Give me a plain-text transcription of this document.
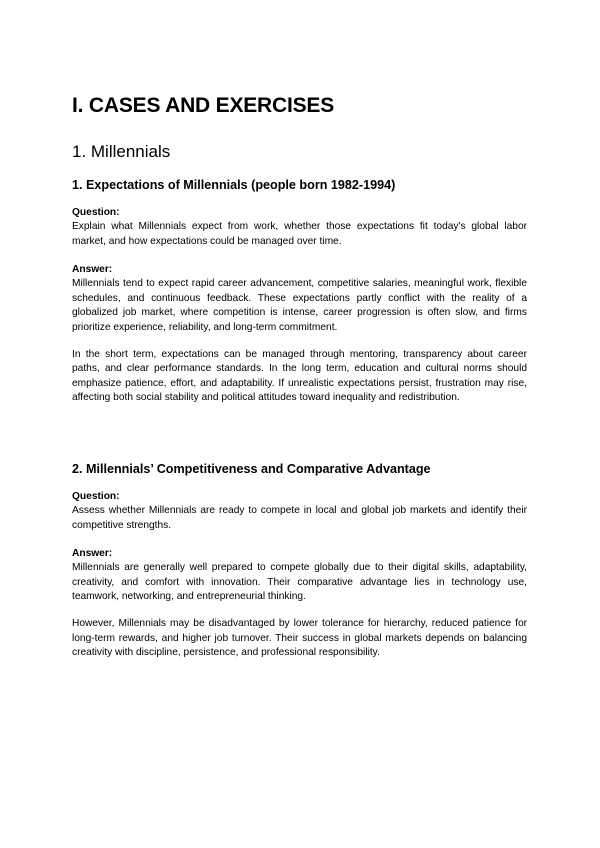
I. CASES AND EXERCISES
1. Millennials
1. Expectations of Millennials (people born 1982-1994)

Question:

Explain what Millennials expect from work, whether those expectations fit today's global labor market, and how expectations could be managed over time.

Answer:

Millennials tend to expect rapid career advancement, competitive salaries, meaningful work, flexible schedules, and continuous feedback. These expectations partly conflict with the reality of a globalized job market, where competition is intense, career progression is often slow, and firms prioritize experience, reliability, and long-term commitment.

In the short term, expectations can be managed through mentoring, transparency about career paths, and clear performance standards. In the long term, education and cultural norms should emphasize patience, effort, and adaptability. If unrealistic expectations persist, frustration may rise, affecting both social stability and political attitudes toward inequality and redistribution.

2. Millennials’ Competitiveness and Comparative Advantage

Question:

Assess whether Millennials are ready to compete in local and global job markets and identify their competitive strengths.

Answer:

Millennials are generally well prepared to compete globally due to their digital skills, adaptability, creativity, and comfort with innovation. Their comparative advantage lies in technology use, teamwork, networking, and entrepreneurial thinking.

However, Millennials may be disadvantaged by lower tolerance for hierarchy, reduced patience for long-term rewards, and higher job turnover. Their success in global markets depends on balancing creativity with discipline, persistence, and professional responsibility.
